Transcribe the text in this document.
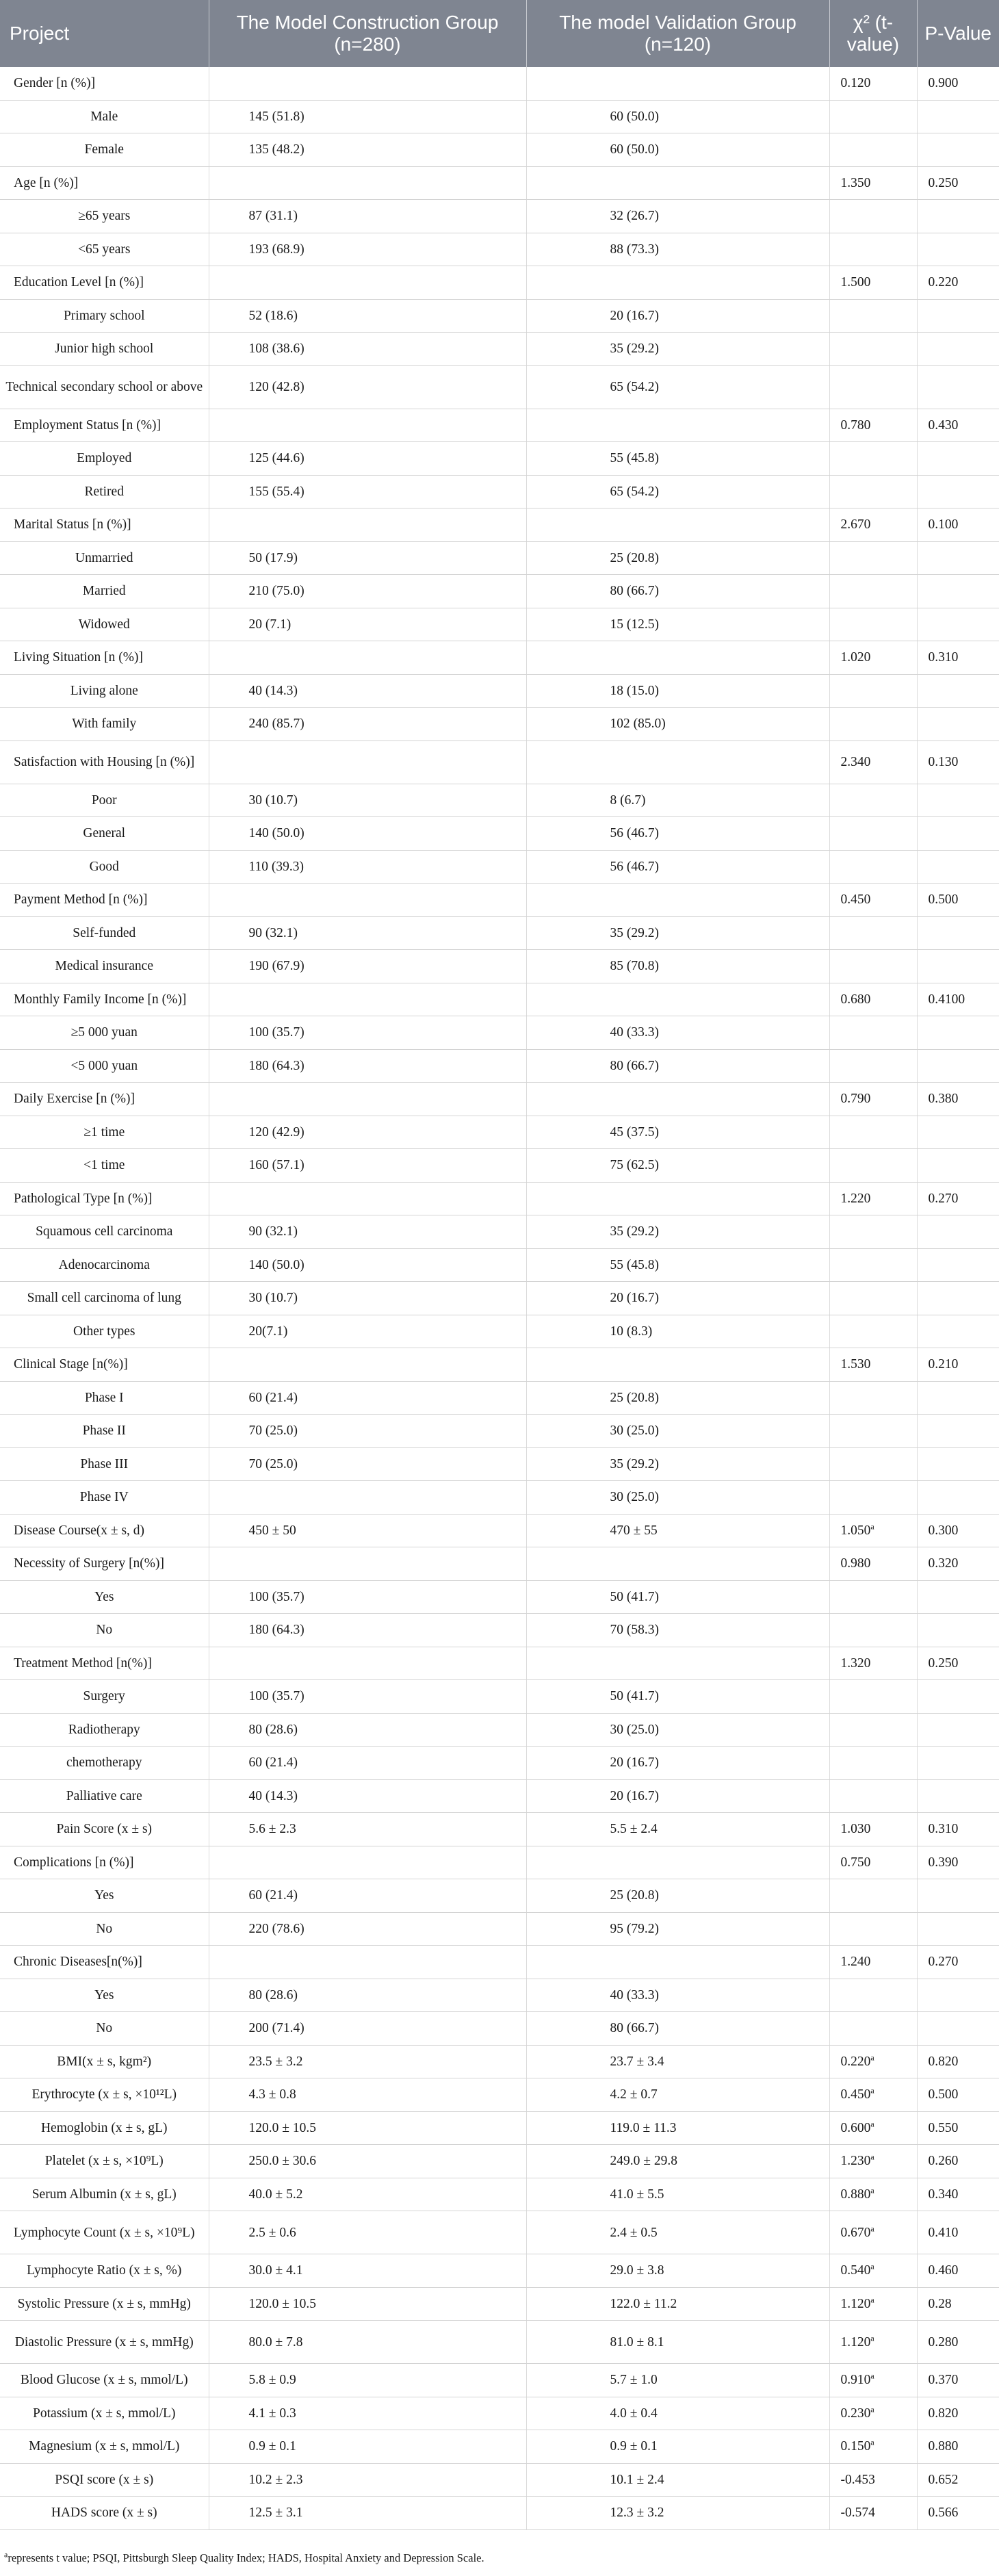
Project	The Model Construction Group (n=280)	The model Validation Group (n=120)	χ² (t-value)	P-Value
Gender [n (%)]			0.120	0.900
Male	145 (51.8)	60 (50.0)		
Female	135 (48.2)	60 (50.0)		
Age [n (%)]			1.350	0.250
≥65 years	87 (31.1)	32 (26.7)		
<65 years	193 (68.9)	88 (73.3)		
Education Level [n (%)]			1.500	0.220
Primary school	52 (18.6)	20 (16.7)		
Junior high school	108 (38.6)	35 (29.2)		
Technical secondary school or above	120 (42.8)	65 (54.2)		
Employment Status [n (%)]			0.780	0.430
Employed	125 (44.6)	55 (45.8)		
Retired	155 (55.4)	65 (54.2)		
Marital Status [n (%)]			2.670	0.100
Unmarried	50 (17.9)	25 (20.8)		
Married	210 (75.0)	80 (66.7)		
Widowed	20 (7.1)	15 (12.5)		
Living Situation [n (%)]			1.020	0.310
Living alone	40 (14.3)	18 (15.0)		
With family	240 (85.7)	102 (85.0)		
Satisfaction with Housing [n (%)]			2.340	0.130
Poor	30 (10.7)	8 (6.7)		
General	140 (50.0)	56 (46.7)		
Good	110 (39.3)	56 (46.7)		
Payment Method [n (%)]			0.450	0.500
Self-funded	90 (32.1)	35 (29.2)		
Medical insurance	190 (67.9)	85 (70.8)		
Monthly Family Income [n (%)]			0.680	0.4100
≥5 000 yuan	100 (35.7)	40 (33.3)		
<5 000 yuan	180 (64.3)	80 (66.7)		
Daily Exercise [n (%)]			0.790	0.380
≥1 time	120 (42.9)	45 (37.5)		
<1 time	160 (57.1)	75 (62.5)		
Pathological Type [n (%)]			1.220	0.270
Squamous cell carcinoma	90 (32.1)	35 (29.2)		
Adenocarcinoma	140 (50.0)	55 (45.8)		
Small cell carcinoma of lung	30 (10.7)	20 (16.7)		
Other types	20(7.1)	10 (8.3)		
Clinical Stage [n(%)]			1.530	0.210
Phase I	60 (21.4)	25 (20.8)		
Phase II	70 (25.0)	30 (25.0)		
Phase III	70 (25.0)	35 (29.2)		
Phase IV		30 (25.0)		
Disease Course(x ± s, d)	450 ± 50	470 ± 55	1.050$^a$	0.300
Necessity of Surgery [n(%)]			0.980	0.320
Yes	100 (35.7)	50 (41.7)		
No	180 (64.3)	70 (58.3)		
Treatment Method [n(%)]			1.320	0.250
Surgery	100 (35.7)	50 (41.7)		
Radiotherapy	80 (28.6)	30 (25.0)		
chemotherapy	60 (21.4)	20 (16.7)		
Palliative care	40 (14.3)	20 (16.7)		
Pain Score (x ± s)	5.6 ± 2.3	5.5 ± 2.4	1.030	0.310
Complications [n (%)]			0.750	0.390
Yes	60 (21.4)	25 (20.8)		
No	220 (78.6)	95 (79.2)		
Chronic Diseases[n(%)]			1.240	0.270
Yes	80 (28.6)	40 (33.3)		
No	200 (71.4)	80 (66.7)		
BMI(x ± s, kgm²)	23.5 ± 3.2	23.7 ± 3.4	0.220$^a$	0.820
Erythrocyte (x ± s, ×10¹²L)	4.3 ± 0.8	4.2 ± 0.7	0.450$^a$	0.500
Hemoglobin (x ± s, gL)	120.0 ± 10.5	119.0 ± 11.3	0.600$^a$	0.550
Platelet (x ± s, ×10⁹L)	250.0 ± 30.6	249.0 ± 29.8	1.230$^a$	0.260
Serum Albumin (x ± s, gL)	40.0 ± 5.2	41.0 ± 5.5	0.880$^a$	0.340
Lymphocyte Count (x ± s, ×10⁹L)	2.5 ± 0.6	2.4 ± 0.5	0.670$^a$	0.410
Lymphocyte Ratio (x ± s, %)	30.0 ± 4.1	29.0 ± 3.8	0.540$^a$	0.460
Systolic Pressure (x ± s, mmHg)	120.0 ± 10.5	122.0 ± 11.2	1.120$^a$	0.28
Diastolic Pressure (x ± s, mmHg)	80.0 ± 7.8	81.0 ± 8.1	1.120$^a$	0.280
Blood Glucose (x ± s, mmol/L)	5.8 ± 0.9	5.7 ± 1.0	0.910$^a$	0.370
Potassium (x ± s, mmol/L)	4.1 ± 0.3	4.0 ± 0.4	0.230$^a$	0.820
Magnesium (x ± s, mmol/L)	0.9 ± 0.1	0.9 ± 0.1	0.150$^a$	0.880
PSQI score (x ± s)	10.2 ± 2.3	10.1 ± 2.4	-0.453	0.652
HADS score (x ± s)	12.5 ± 3.1	12.3 ± 3.2	-0.574	0.566
$^a$represents t value; PSQI, Pittsburgh Sleep Quality Index; HADS, Hospital Anxiety and Depression Scale.
